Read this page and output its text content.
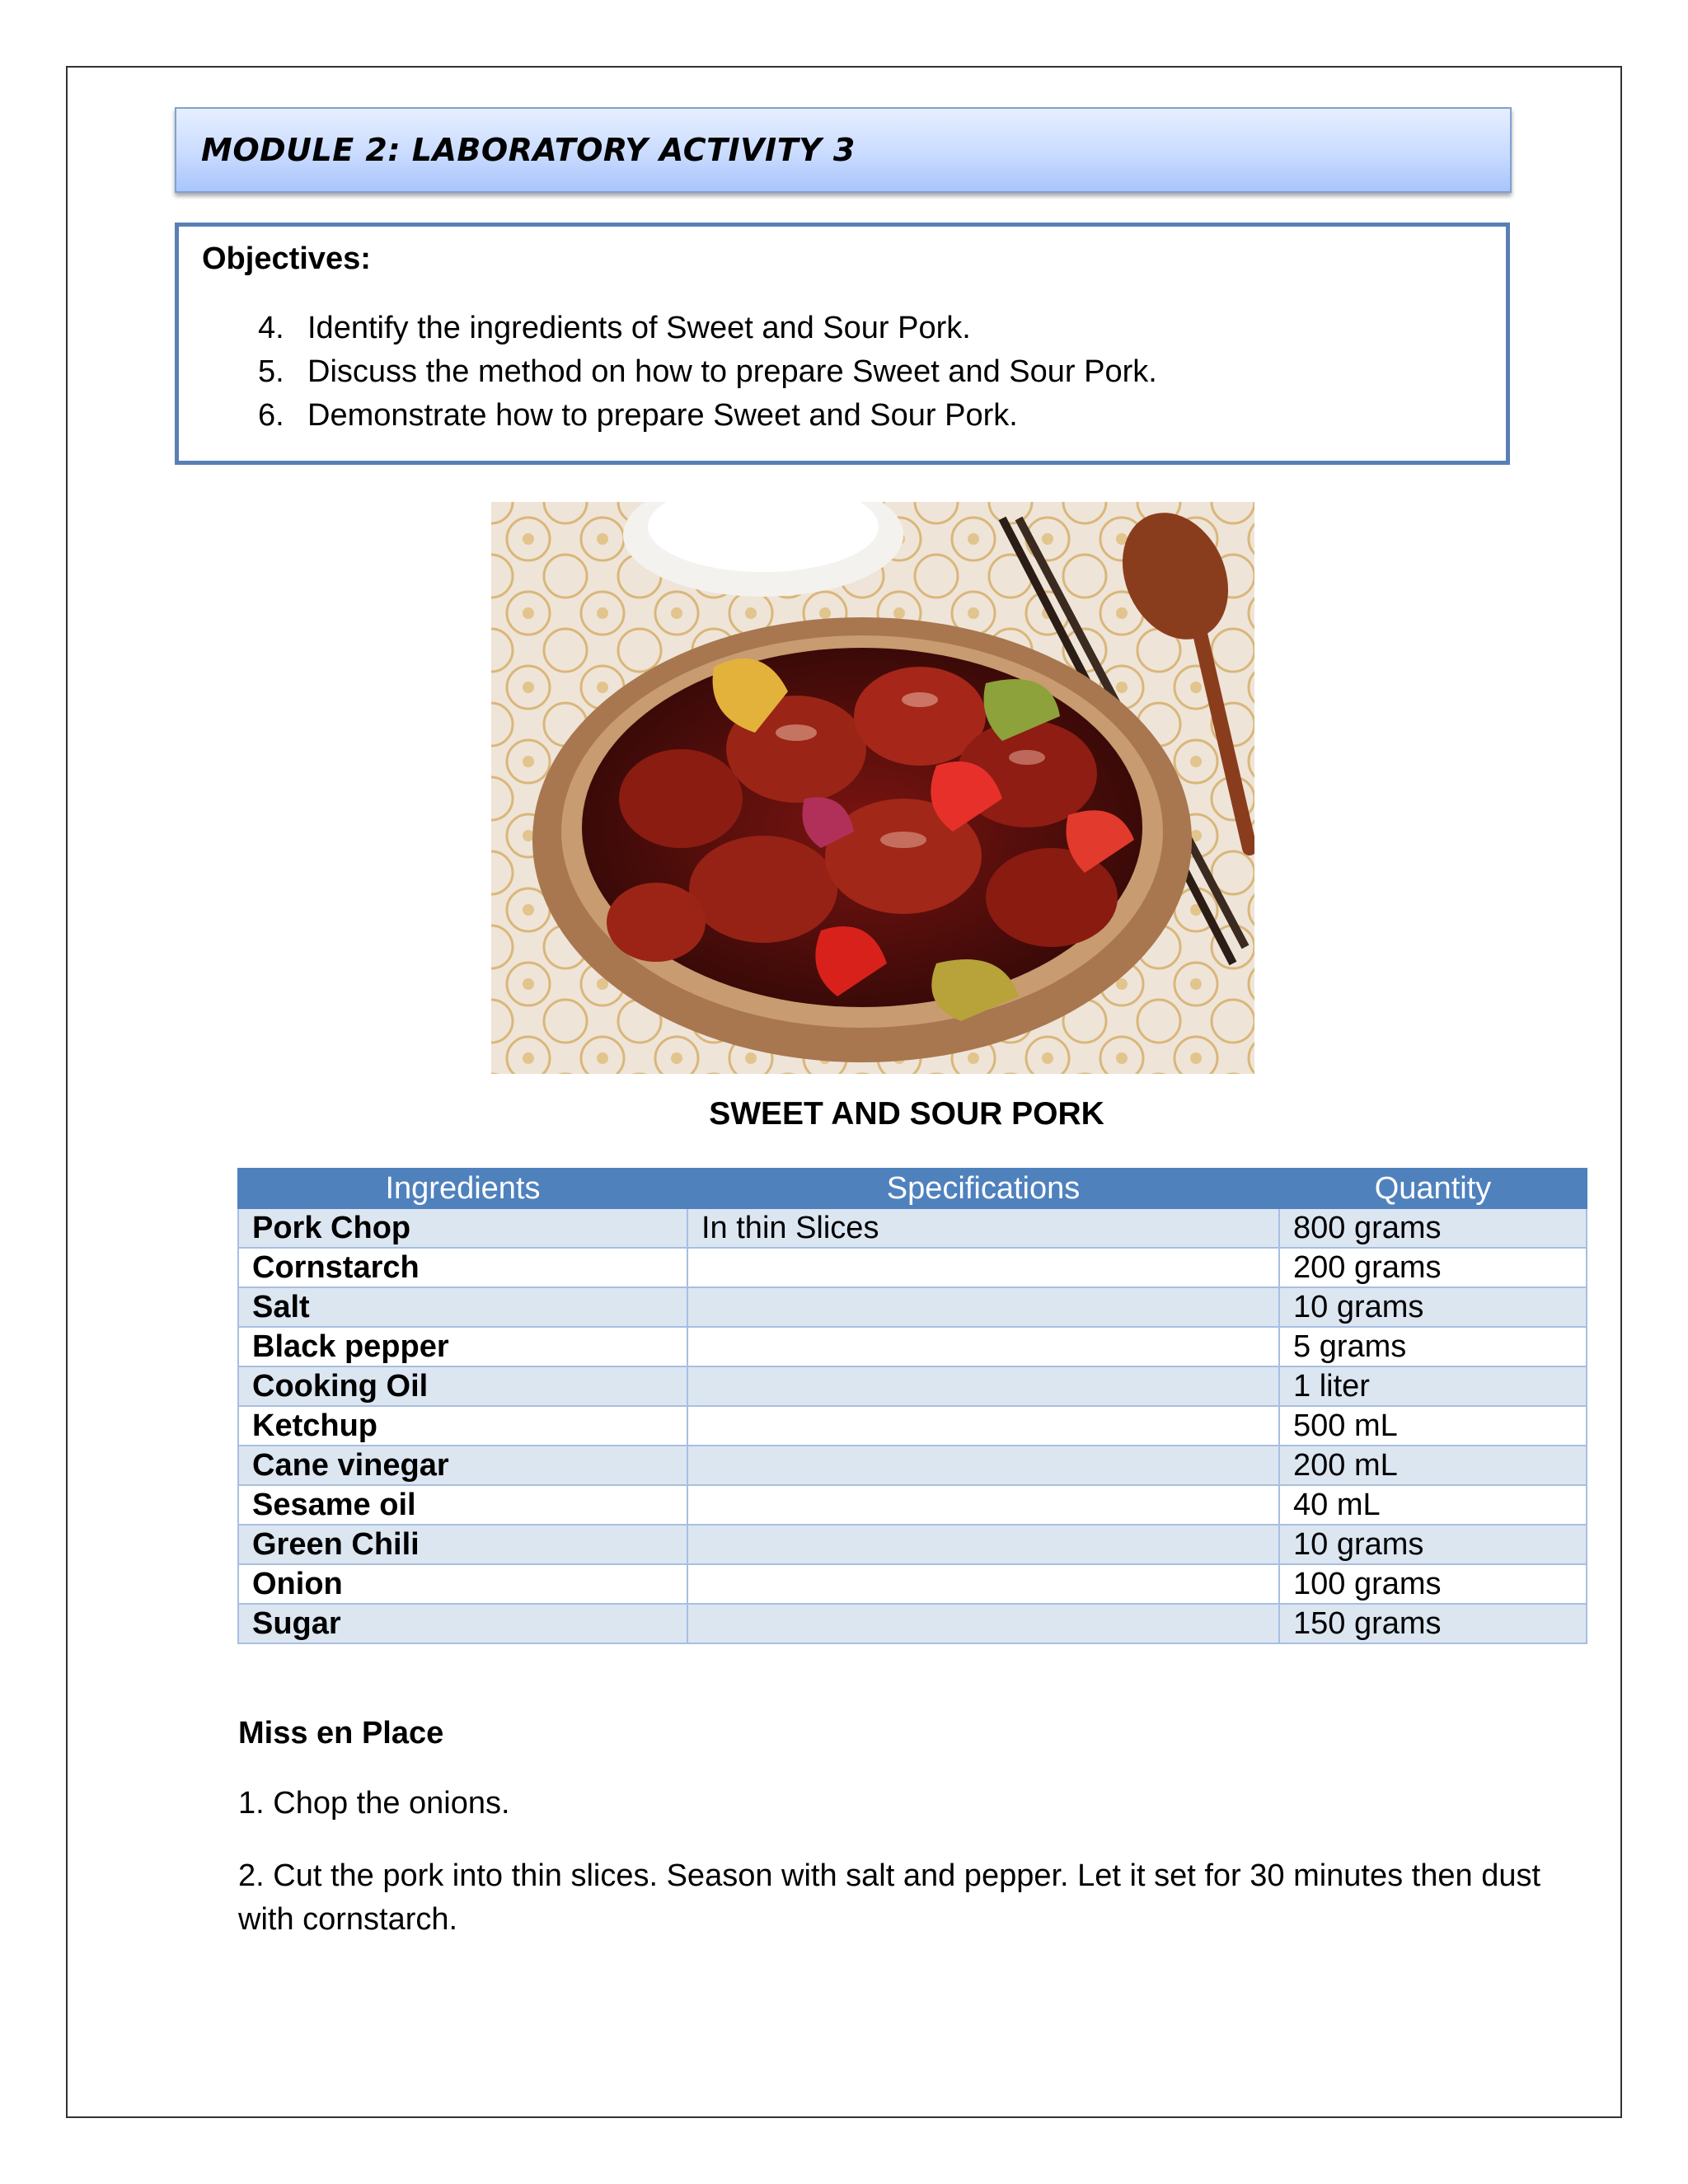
MODULE 2: LABORATORY ACTIVITY 3
Objectives:
4. Identify the ingredients of Sweet and Sour Pork.
5. Discuss the method on how to prepare Sweet and Sour Pork.
6. Demonstrate how to prepare Sweet and Sour Pork.
SWEET AND SOUR PORK
Ingredients	Specifications	Quantity
Pork Chop	In thin Slices	800 grams
Cornstarch		200 grams
Salt		10 grams
Black pepper		5 grams
Cooking Oil		1 liter
Ketchup		500 mL
Cane vinegar		200 mL
Sesame oil		40 mL
Green Chili		10 grams
Onion		100 grams
Sugar		150 grams
Miss en Place
1. Chop the onions.
2. Cut the pork into thin slices. Season with salt and pepper. Let it set for 30 minutes then dust with cornstarch.
